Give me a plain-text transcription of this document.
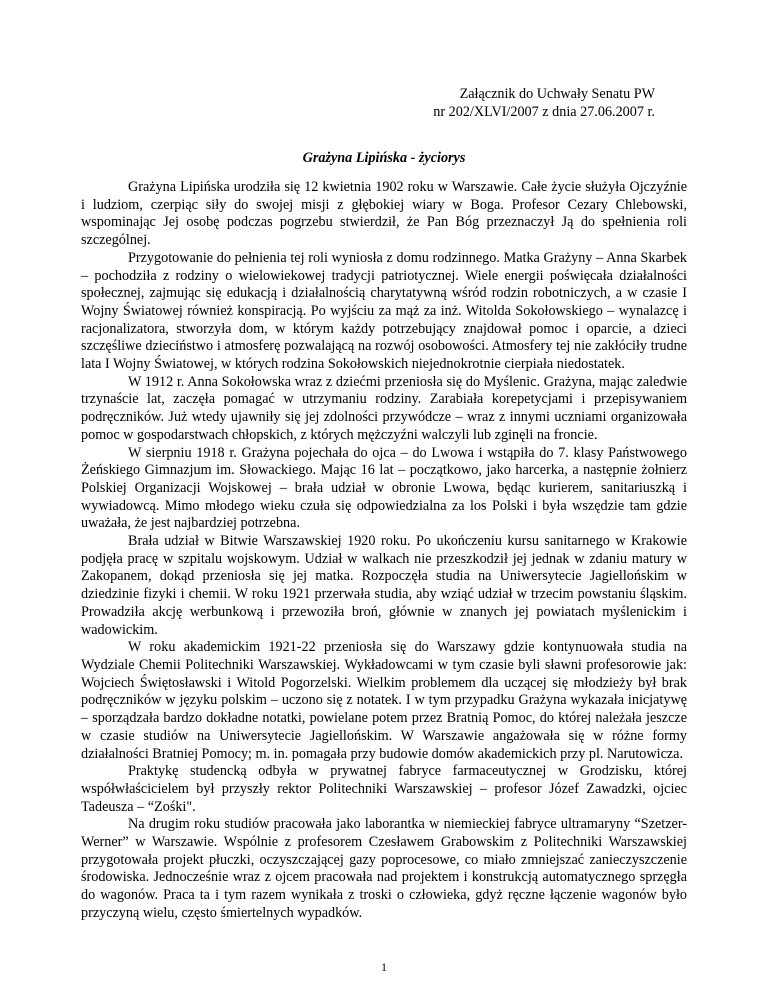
Załącznik do Uchwały Senatu PW
nr 202/XLVI/2007 z dnia 27.06.2007 r.
Grażyna Lipińska - życiorys

Grażyna Lipińska urodziła się 12 kwietnia 1902 roku w Warszawie. Całe życie służyła Ojczyźnie i ludziom, czerpiąc siły do swojej misji z głębokiej wiary w Boga. Profesor Cezary Chlebowski, wspominając Jej osobę podczas pogrzebu stwierdził, że Pan Bóg przeznaczył Ją do spełnienia roli szczególnej.

Przygotowanie do pełnienia tej roli wyniosła z domu rodzinnego. Matka Grażyny – Anna Skarbek – pochodziła z rodziny o wielowiekowej tradycji patriotycznej. Wiele energii poświęcała działalności społecznej, zajmując się edukacją i działalnością charytatywną wśród rodzin robotniczych, a w czasie I Wojny Światowej również konspiracją. Po wyjściu za mąż za inż. Witolda Sokołowskiego – wynalazcę i racjonalizatora, stworzyła dom, w którym każdy potrzebujący znajdował pomoc i oparcie, a dzieci szczęśliwe dzieciństwo i atmosferę pozwalającą na rozwój osobowości. Atmosfery tej nie zakłóciły trudne lata I Wojny Światowej, w których rodzina Sokołowskich niejednokrotnie cierpiała niedostatek.

W 1912 r. Anna Sokołowska wraz z dziećmi przeniosła się do Myślenic. Grażyna, mając zaledwie trzynaście lat, zaczęła pomagać w utrzymaniu rodziny. Zarabiała korepetycjami i przepisywaniem podręczników. Już wtedy ujawniły się jej zdolności przywódcze – wraz z innymi uczniami organizowała pomoc w gospodarstwach chłopskich, z których mężczyźni walczyli lub zginęli na froncie.

W sierpniu 1918 r. Grażyna pojechała do ojca – do Lwowa i wstąpiła do 7. klasy Państwowego Żeńskiego Gimnazjum im. Słowackiego. Mając 16 lat – początkowo, jako harcerka, a następnie żołnierz Polskiej Organizacji Wojskowej – brała udział w obronie Lwowa, będąc kurierem, sanitariuszką i wywiadowcą. Mimo młodego wieku czuła się odpowiedzialna za los Polski i była wszędzie tam gdzie uważała, że jest najbardziej potrzebna.

Brała udział w Bitwie Warszawskiej 1920 roku. Po ukończeniu kursu sanitarnego w Krakowie podjęła pracę w szpitalu wojskowym. Udział w walkach nie przeszkodził jej jednak w zdaniu matury w Zakopanem, dokąd przeniosła się jej matka. Rozpoczęła studia na Uniwersytecie Jagiellońskim w dziedzinie fizyki i chemii. W roku 1921 przerwała studia, aby wziąć udział w trzecim powstaniu śląskim. Prowadziła akcję werbunkową i przewoziła broń, głównie w znanych jej powiatach myślenickim i wadowickim.

W roku akademickim 1921-22 przeniosła się do Warszawy gdzie kontynuowała studia na Wydziale Chemii Politechniki Warszawskiej. Wykładowcami w tym czasie byli sławni profesorowie jak: Wojciech Świętosławski i Witold Pogorzelski. Wielkim problemem dla uczącej się młodzieży był brak podręczników w języku polskim – uczono się z notatek. I w tym przypadku Grażyna wykazała inicjatywę – sporządzała bardzo dokładne notatki, powielane potem przez Bratnią Pomoc, do której należała jeszcze w czasie studiów na Uniwersytecie Jagiellońskim. W Warszawie angażowała się w różne formy działalności Bratniej Pomocy; m. in. pomagała przy budowie domów akademickich przy pl. Narutowicza.

Praktykę studencką odbyła w prywatnej fabryce farmaceutycznej w Grodzisku, której współwłaścicielem był przyszły rektor Politechniki Warszawskiej – profesor Józef Zawadzki, ojciec Tadeusza – “Zośki".

Na drugim roku studiów pracowała jako laborantka w niemieckiej fabryce ultramaryny “Szetzer-Werner” w Warszawie. Wspólnie z profesorem Czesławem Grabowskim z Politechniki Warszawskiej przygotowała projekt płuczki, oczyszczającej gazy poprocesowe, co miało zmniejszać zanieczyszczenie środowiska. Jednocześnie wraz z ojcem pracowała nad projektem i konstrukcją automatycznego sprzęgła do wagonów. Praca ta i tym razem wynikała z troski o człowieka, gdyż ręczne łączenie wagonów było przyczyną wielu, często śmiertelnych wypadków.

1
